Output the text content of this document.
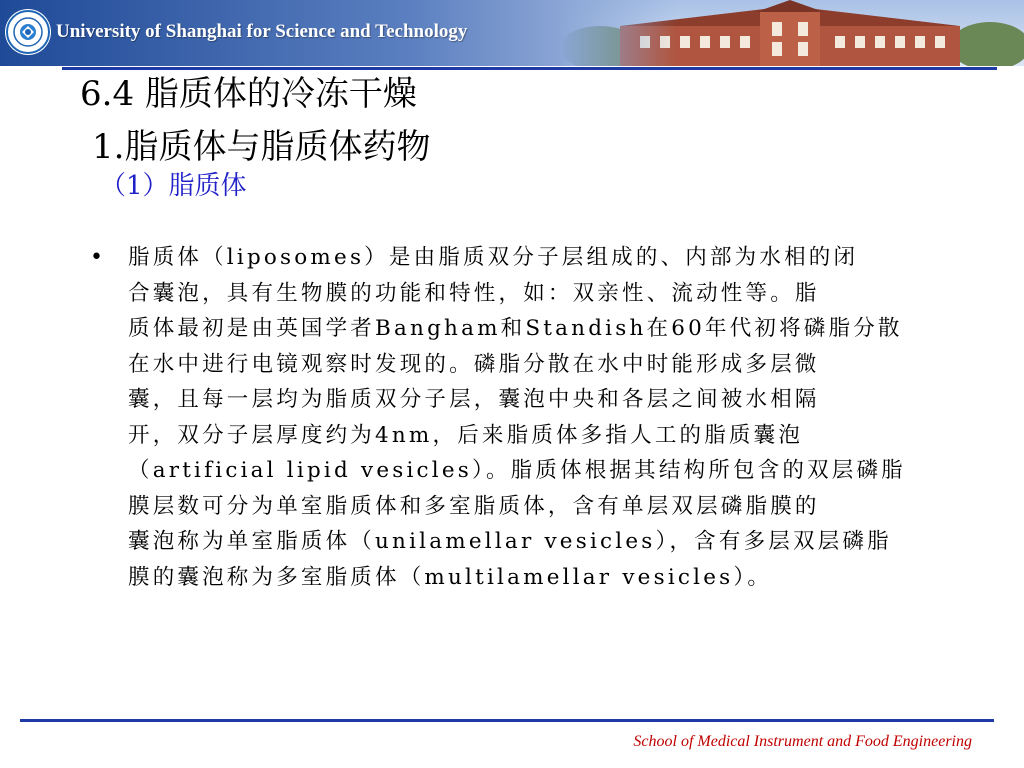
University of Shanghai for Science and Technology
6.4 脂质体的冷冻干燥
1.脂质体与脂质体药物
（1）脂质体
• 脂质体（liposomes）是由脂质双分子层组成的、内部为水相的闭
合囊泡，具有生物膜的功能和特性，如：双亲性、流动性等。脂
质体最初是由英国学者Bangham和Standish在60年代初将磷脂分散
在水中进行电镜观察时发现的。磷脂分散在水中时能形成多层微
囊，且每一层均为脂质双分子层，囊泡中央和各层之间被水相隔
开，双分子层厚度约为4nm，后来脂质体多指人工的脂质囊泡
（artificial lipid vesicles）。脂质体根据其结构所包含的双层磷脂
膜层数可分为单室脂质体和多室脂质体，含有单层双层磷脂膜的
囊泡称为单室脂质体（unilamellar vesicles），含有多层双层磷脂
膜的囊泡称为多室脂质体（multilamellar vesicles）。
School of Medical Instrument and Food Engineering
